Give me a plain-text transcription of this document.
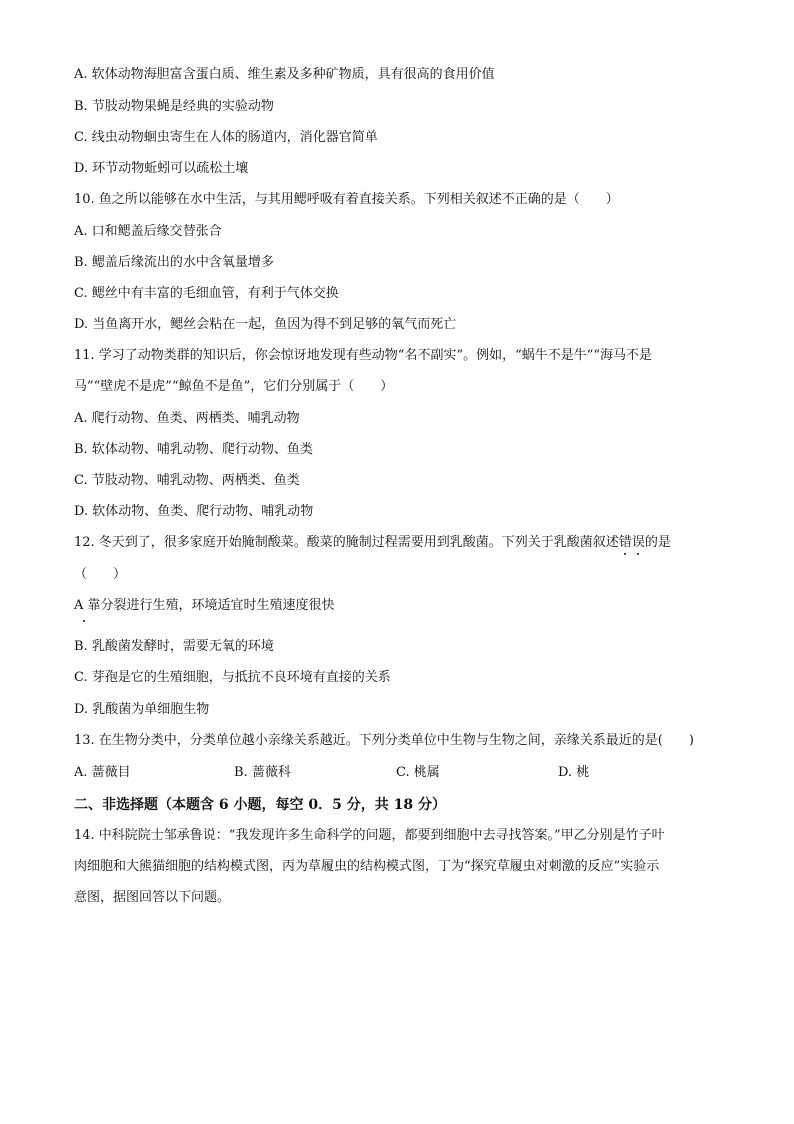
A. 软体动物海胆富含蛋白质、维生素及多种矿物质，具有很高的食用价值
B. 节肢动物果蝇是经典的实验动物
C. 线虫动物蛔虫寄生在人体的肠道内，消化器官简单
D. 环节动物蚯蚓可以疏松土壤
10. 鱼之所以能够在水中生活，与其用鳃呼吸有着直接关系。下列相关叙述不正确的是（　　）
A. 口和鳃盖后缘交替张合
B. 鳃盖后缘流出的水中含氧量增多
C. 鳃丝中有丰富的毛细血管，有利于气体交换
D. 当鱼离开水，鳃丝会粘在一起，鱼因为得不到足够的氧气而死亡
11. 学习了动物类群的知识后，你会惊讶地发现有些动物“名不副实”。例如，“蜗牛不是牛”“海马不是
马”“壁虎不是虎”“鲸鱼不是鱼”，它们分别属于（　　）
A. 爬行动物、鱼类、两栖类、哺乳动物
B. 软体动物、哺乳动物、爬行动物、鱼类
C. 节肢动物、哺乳动物、两栖类、鱼类
D. 软体动物、鱼类、爬行动物、哺乳动物
12. 冬天到了，很多家庭开始腌制酸菜。酸菜的腌制过程需要用到乳酸菌。下列关于乳酸菌叙述错误的是
（　　）
A 靠分裂进行生殖，环境适宜时生殖速度很快
B. 乳酸菌发酵时，需要无氧的环境
C. 芽孢是它的生殖细胞，与抵抗不良环境有直接的关系
D. 乳酸菌为单细胞生物
13. 在生物分类中，分类单位越小亲缘关系越近。下列分类单位中生物与生物之间，亲缘关系最近的是(　　)
A. 蔷薇目	B. 蔷薇科	C. 桃属	D. 桃
二、非选择题（本题含 6 小题，每空 0．5 分，共 18 分）
14. 中科院院士邹承鲁说：“我发现许多生命科学的问题，都要到细胞中去寻找答案。”甲乙分别是竹子叶
肉细胞和大熊猫细胞的结构模式图，丙为草履虫的结构模式图，丁为“探究草履虫对刺激的反应”实验示
意图，据图回答以下问题。
